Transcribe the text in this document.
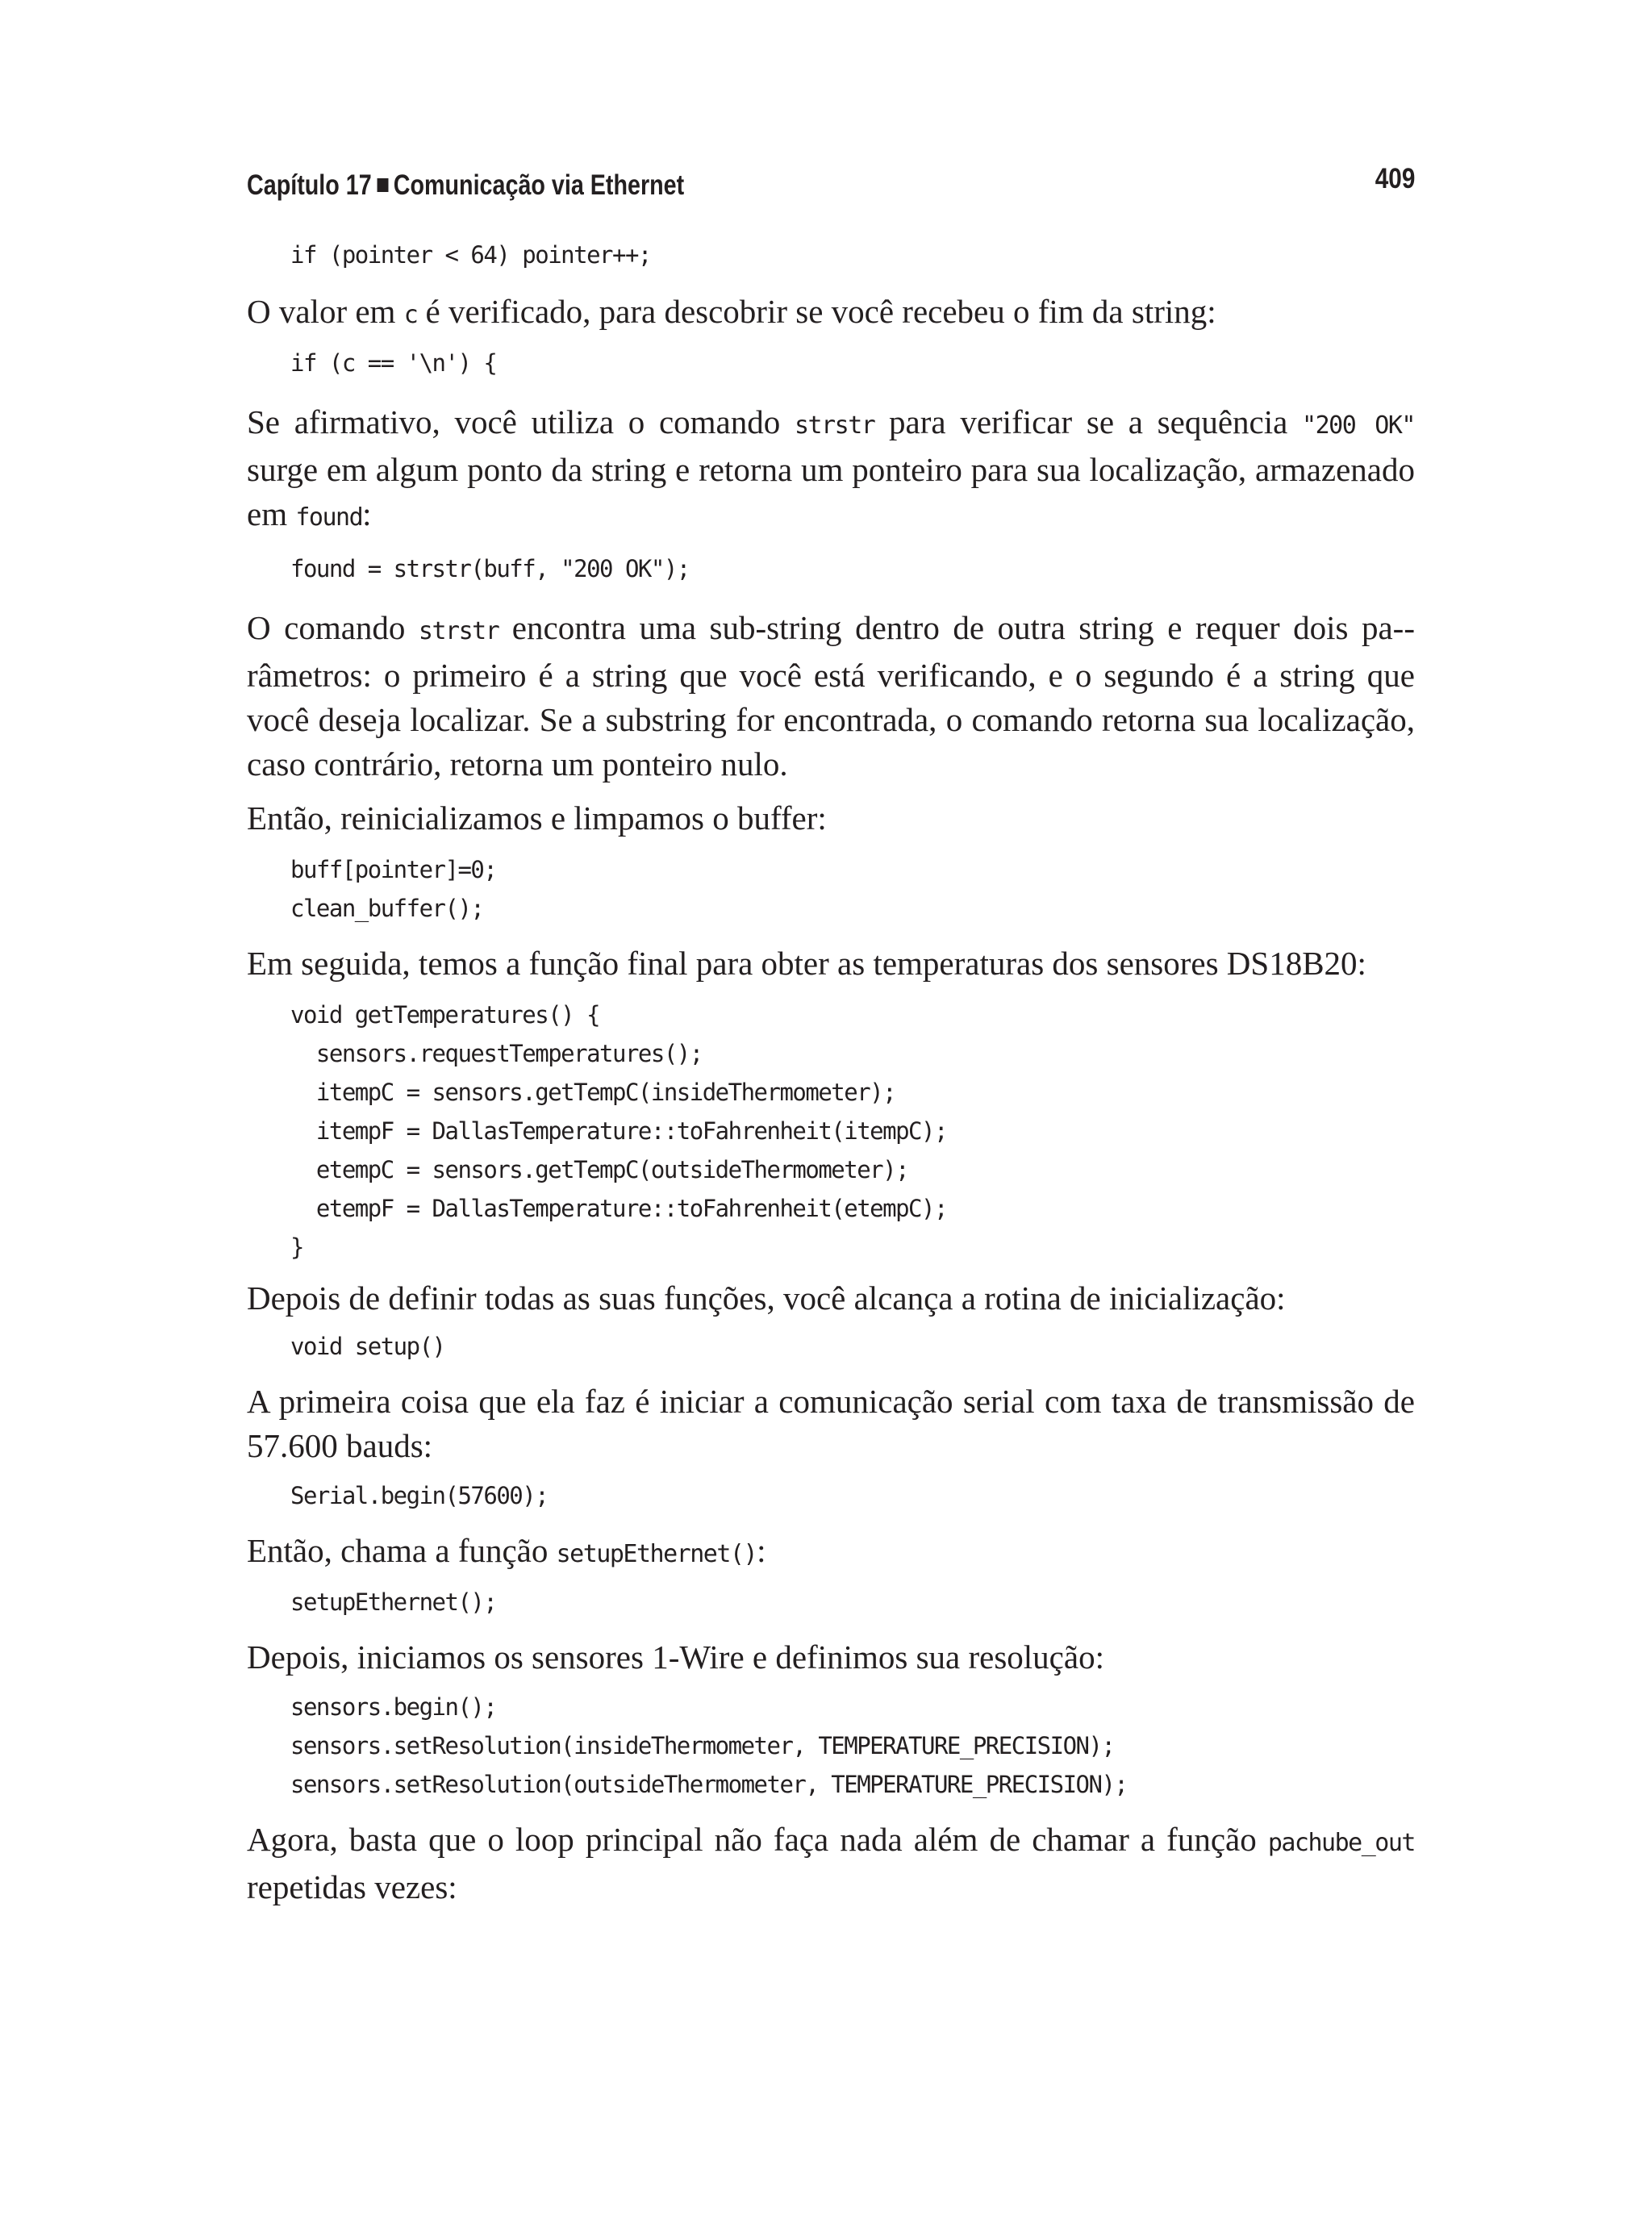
Capítulo 17 Comunicação via Ethernet	409
if (pointer < 64) pointer++;

O valor em c é verificado, para descobrir se você recebeu o fim da string:

if (c == '\n') {

Se afirmativo, você utiliza o comando strstr para verificar se a sequência "200 OK" surge em algum ponto da string e retorna um ponteiro para sua localização, armazenado em found:

found = strstr(buff, "200 OK");

O comando strstr encontra uma sub-string dentro de outra string e requer dois pa-râmetros: o primeiro é a string que você está verificando, e o segundo é a string que você deseja localizar. Se a substring for encontrada, o comando retorna sua localização, caso contrário, retorna um ponteiro nulo.

Então, reinicializamos e limpamos o buffer:

buff[pointer]=0;
clean_buffer();

Em seguida, temos a função final para obter as temperaturas dos sensores DS18B20:

void getTemperatures() {
sensors.requestTemperatures();
itempC = sensors.getTempC(insideThermometer);
itempF = DallasTemperature::toFahrenheit(itempC);
etempC = sensors.getTempC(outsideThermometer);
etempF = DallasTemperature::toFahrenheit(etempC);
}

Depois de definir todas as suas funções, você alcança a rotina de inicialização:

void setup()

A primeira coisa que ela faz é iniciar a comunicação serial com taxa de transmissão de 57.600 bauds:

Serial.begin(57600);

Então, chama a função setupEthernet():

setupEthernet();

Depois, iniciamos os sensores 1-Wire e definimos sua resolução:

sensors.begin();
sensors.setResolution(insideThermometer, TEMPERATURE_PRECISION);
sensors.setResolution(outsideThermometer, TEMPERATURE_PRECISION);

Agora, basta que o loop principal não faça nada além de chamar a função pachube_out repetidas vezes:
